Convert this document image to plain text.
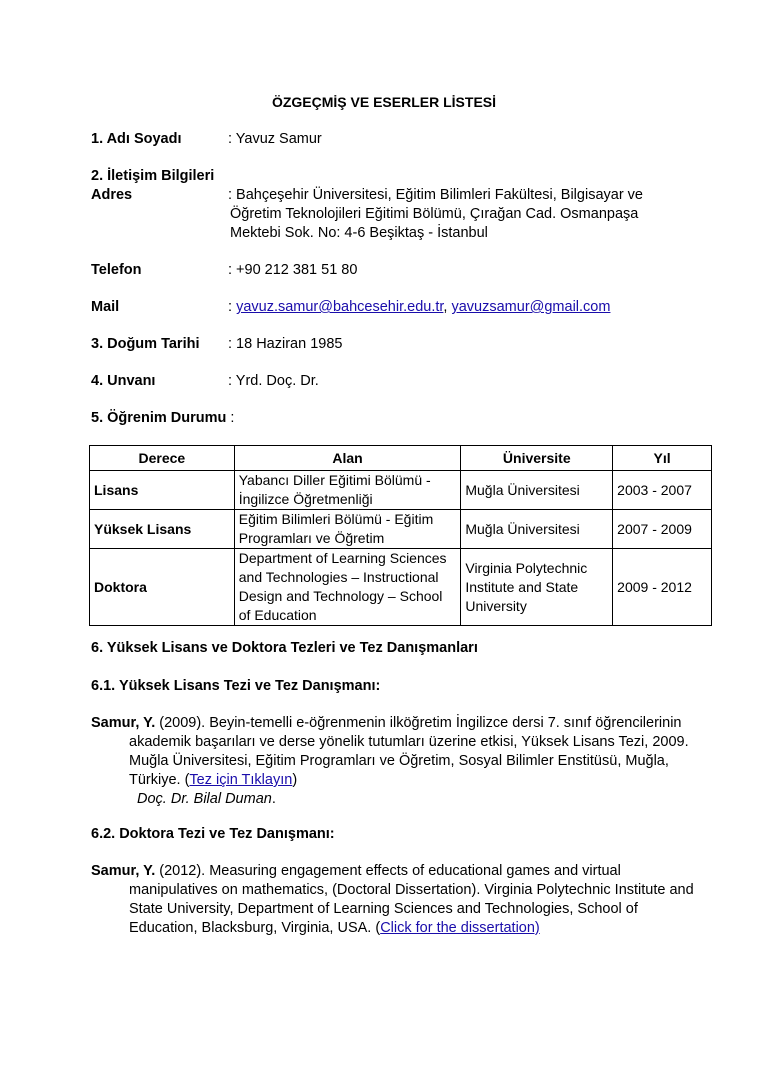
ÖZGEÇMİŞ VE ESERLER LİSTESİ
1. Adı Soyadı	: Yavuz Samur
2. İletişim Bilgileri
Adres	: Bahçeşehir Üniversitesi, Eğitim Bilimleri Fakültesi, Bilgisayar ve
Öğretim Teknolojileri Eğitimi Bölümü, Çırağan Cad. Osmanpaşa
Mektebi Sok. No: 4-6 Beşiktaş - İstanbul
Telefon	: +90 212 381 51 80
Mail	: yavuz.samur@bahcesehir.edu.tr, yavuzsamur@gmail.com
3. Doğum Tarihi : 18 Haziran 1985
4. Unvanı	: Yrd. Doç. Dr.
5. Öğrenim Durumu :
Derece	Alan	Üniversite	Yıl
Lisans	Yabancı Diller Eğitimi Bölümü - İngilizce Öğretmenliği	Muğla Üniversitesi	2003 - 2007
Yüksek Lisans	Eğitim Bilimleri Bölümü - Eğitim Programları ve Öğretim	Muğla Üniversitesi	2007 - 2009
Doktora	Department of Learning Sciences and Technologies – Instructional Design and Technology – School of Education	Virginia Polytechnic Institute and State University	2009 - 2012
6. Yüksek Lisans ve Doktora Tezleri ve Tez Danışmanları
6.1. Yüksek Lisans Tezi ve Tez Danışmanı:
Samur, Y. (2009). Beyin-temelli e-öğrenmenin ilköğretim İngilizce dersi 7. sınıf öğrencilerinin
akademik başarıları ve derse yönelik tutumları üzerine etkisi, Yüksek Lisans Tezi, 2009.
Muğla Üniversitesi, Eğitim Programları ve Öğretim, Sosyal Bilimler Enstitüsü, Muğla,
Türkiye. (Tez için Tıklayın)
Doç. Dr. Bilal Duman.
6.2. Doktora Tezi ve Tez Danışmanı:
Samur, Y. (2012). Measuring engagement effects of educational games and virtual
manipulatives on mathematics, (Doctoral Dissertation). Virginia Polytechnic Institute and
State University, Department of Learning Sciences and Technologies, School of
Education, Blacksburg, Virginia, USA. (Click for the dissertation)
